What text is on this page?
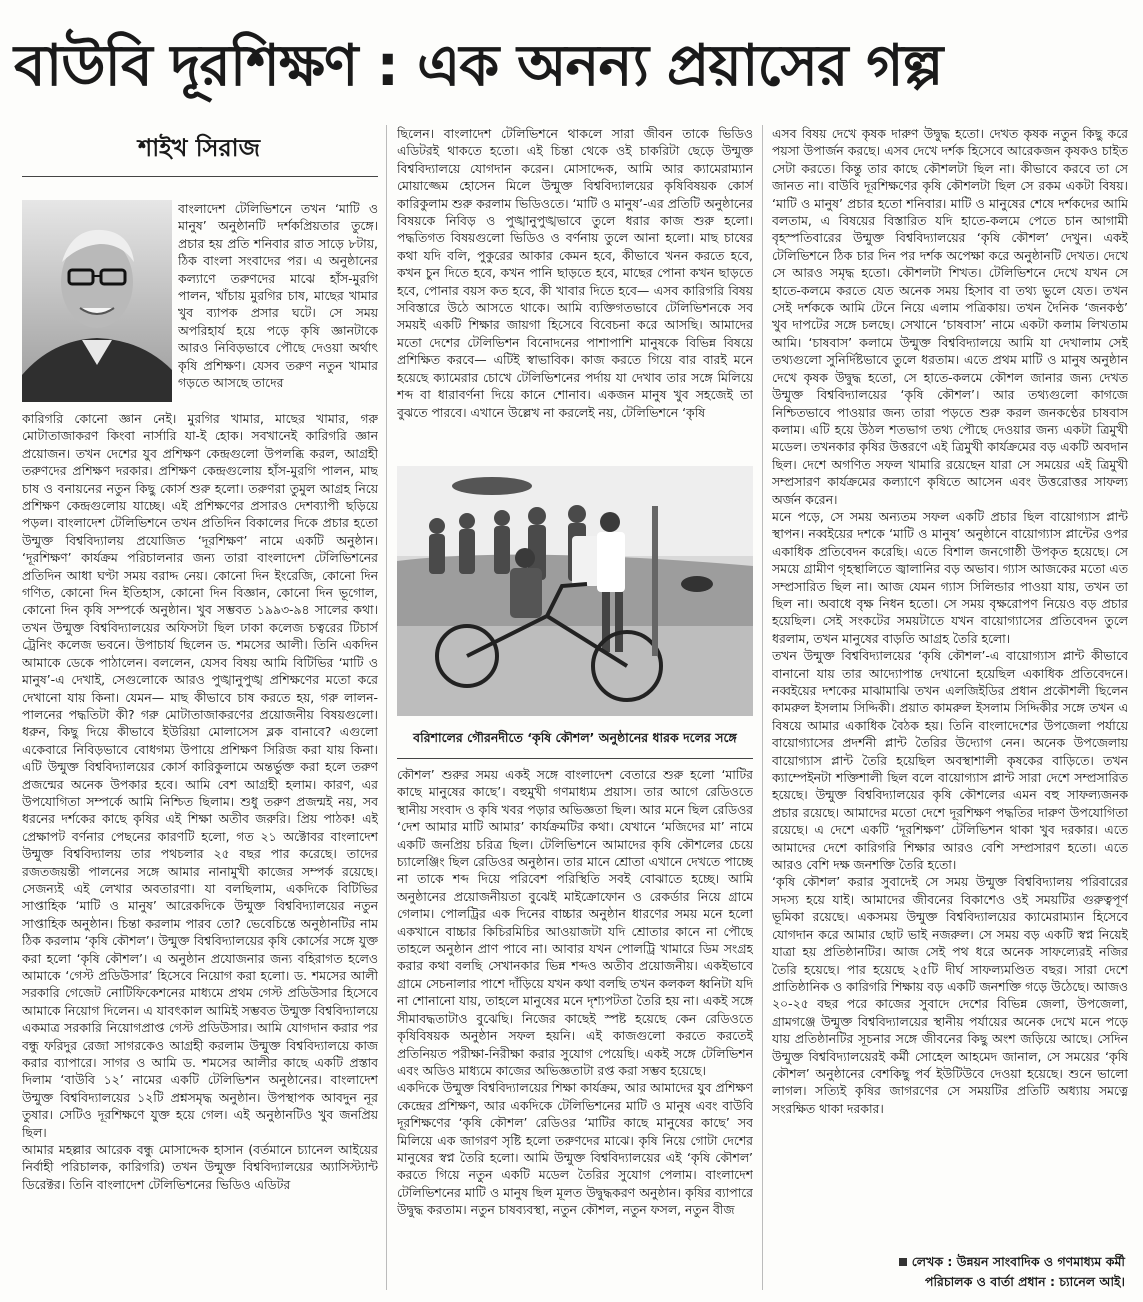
বাউবি দূরশিক্ষণ : এক অনন্য প্রয়াসের গল্প
শাইখ সিরাজ

বাংলাদেশ টেলিভিশনে তখন ‘মাটি ও মানুষ’ অনুষ্ঠানটি দর্শকপ্রিয়তার তুঙ্গে। প্রচার হয় প্রতি শনিবার রাত সাড়ে ৮টায়, ঠিক বাংলা সংবাদের পর। এ অনুষ্ঠানের কল্যাণে তরুণদের মাঝে হাঁস-মুরগি পালন, খাঁচায় মুরগির চাষ, মাছের খামার খুব ব্যাপক প্রসার ঘটে। সে সময় অপরিহার্য হয়ে পড়ে কৃষি জ্ঞানটাকে আরও নিবিড়ভাবে পৌছে দেওয়া অর্থাৎ কৃষি প্রশিক্ষণ। যেসব তরুণ নতুন খামার গড়তে আসছে তাদের

কারিগরি কোনো জ্ঞান নেই। মুরগির খামার, মাছের খামার, গরু মোটাতাজাকরণ কিংবা নার্সারি যা-ই হোক। সবখানেই কারিগরি জ্ঞান প্রয়োজন। তখন দেশের যুব প্রশিক্ষণ কেন্দ্রগুলো উপলব্ধি করল, আগ্রহী তরুণদের প্রশিক্ষণ দরকার। প্রশিক্ষণ কেন্দ্রগুলোয় হাঁস-মুরগি পালন, মাছ চাষ ও বনায়নের নতুন কিছু কোর্স শুরু হলো। তরুণরা তুমুল আগ্রহ নিয়ে প্রশিক্ষণ কেন্দ্রগুলোয় যাচ্ছে। এই প্রশিক্ষণের প্রসারও দেশব্যাপী ছড়িয়ে পড়ল। বাংলাদেশ টেলিভিশনে তখন প্রতিদিন বিকালের দিকে প্রচার হতো উন্মুক্ত বিশ্ববিদ্যালয় প্রযোজিত ‘দূরশিক্ষণ’ নামে একটি অনুষ্ঠান। ‘দূরশিক্ষণ’ কার্যক্রম পরিচালনার জন্য তারা বাংলাদেশ টেলিভিশনের প্রতিদিন আধা ঘণ্টা সময় বরাদ্দ নেয়। কোনো দিন ইংরেজি, কোনো দিন গণিত, কোনো দিন ইতিহাস, কোনো দিন বিজ্ঞান, কোনো দিন ভূগোল, কোনো দিন কৃষি সম্পর্কে অনুষ্ঠান। খুব সম্ভবত ১৯৯৩-৯৪ সালের কথা। তখন উন্মুক্ত বিশ্ববিদ্যালয়ের অফিসটা ছিল ঢাকা কলেজ চত্বরের টিচার্স ট্রেনিং কলেজ ভবনে। উপাচার্য ছিলেন ড. শমসের আলী। তিনি একদিন আমাকে ডেকে পাঠালেন। বললেন, যেসব বিষয় আমি বিটিভির ‘মাটি ও মানুষ’-এ দেখাই, সেগুলোকে আরও পুঙ্খানুপুঙ্খ প্রশিক্ষণের মতো করে দেখানো যায় কিনা। যেমন— মাছ কীভাবে চাষ করতে হয়, গরু লালন-পালনের পদ্ধতিটা কী? গরু মোটাতাজাকরণের প্রয়োজনীয় বিষয়গুলো। ধরুন, কিছু দিয়ে কীভাবে ইউরিয়া মোলাসেস ব্লক বানাবে? এগুলো একেবারে নিবিড়ভাবে বোধগম্য উপায়ে প্রশিক্ষণ সিরিজ করা যায় কিনা। এটি উন্মুক্ত বিশ্ববিদ্যালয়ের কোর্স কারিকুলামে অন্তর্ভুক্ত করা হলে তরুণ প্রজন্মের অনেক উপকার হবে। আমি বেশ আগ্রহী হলাম। কারণ, এর উপযোগিতা সম্পর্কে আমি নিশ্চিত ছিলাম। শুধু তরুণ প্রজন্মই নয়, সব ধরনের দর্শকের কাছে কৃষির এই শিক্ষা অতীব জরুরি। প্রিয় পাঠক! এই প্রেক্ষাপট বর্ণনার পেছনের কারণটি হলো, গত ২১ অক্টোবর বাংলাদেশ উন্মুক্ত বিশ্ববিদ্যালয় তার পথচলার ২৫ বছর পার করেছে। তাদের রজতজয়ন্তী পালনের সঙ্গে আমার নানামুখী কাজের সম্পর্ক রয়েছে। সেজন্যই এই লেখার অবতারণা। যা বলছিলাম, একদিকে বিটিভির সাপ্তাহিক ‘মাটি ও মানুষ’ আরেকদিকে উন্মুক্ত বিশ্ববিদ্যালয়ের নতুন সাপ্তাহিক অনুষ্ঠান। চিন্তা করলাম পারব তো? ভেবেচিন্তে অনুষ্ঠানটির নাম ঠিক করলাম ‘কৃষি কৌশল’। উন্মুক্ত বিশ্ববিদ্যালয়ের কৃষি কোর্সের সঙ্গে যুক্ত করা হলো ‘কৃষি কৌশল’। এ অনুষ্ঠান প্রযোজনার জন্য বহিরাগত হলেও আমাকে ‘গেস্ট প্রডিউসার’ হিসেবে নিয়োগ করা হলো। ড. শমসের আলী সরকারি গেজেট নোটিফিকেশনের মাধ্যমে প্রথম গেস্ট প্রডিউসার হিসেবে আমাকে নিয়োগ দিলেন। এ যাবৎকাল আমিই সম্ভবত উন্মুক্ত বিশ্ববিদ্যালয়ে একমাত্র সরকারি নিয়োগপ্রাপ্ত গেস্ট প্রডিউসার। আমি যোগদান করার পর বন্ধু ফরিদুর রেজা সাগরকেও আগ্রহী করলাম উন্মুক্ত বিশ্ববিদ্যালয়ে কাজ করার ব্যাপারে। সাগর ও আমি ড. শমসের আলীর কাছে একটি প্রস্তাব দিলাম ‘বাউবি ১২’ নামের একটি টেলিভিশন অনুষ্ঠানের। বাংলাদেশ উন্মুক্ত বিশ্ববিদ্যালয়ের ১২টি প্রশ্নসমৃদ্ধ অনুষ্ঠান। উপস্থাপক আবদুন নূর তুষার। সেটিও দূরশিক্ষণে যুক্ত হয়ে গেল। এই অনুষ্ঠানটিও খুব জনপ্রিয় ছিল।

আমার মহল্লার আরেক বন্ধু মোসাদ্দেক হাসান (বর্তমানে চ্যানেল আইয়ের নির্বাহী পরিচালক, কারিগরি) তখন উন্মুক্ত বিশ্ববিদ্যালয়ের অ্যাসিস্ট্যান্ট ডিরেক্টর। তিনি বাংলাদেশ টেলিভিশনের ভিডিও এডিটর

ছিলেন। বাংলাদেশ টেলিভিশনে থাকলে সারা জীবন তাকে ভিডিও এডিটরই থাকতে হতো। এই চিন্তা থেকে ওই চাকরিটা ছেড়ে উন্মুক্ত বিশ্ববিদ্যালয়ে যোগদান করেন। মোসাদ্দেক, আমি আর ক্যামেরাম্যান মোয়াজ্জেম হোসেন মিলে উন্মুক্ত বিশ্ববিদ্যালয়ের কৃষিবিষয়ক কোর্স কারিকুলাম শুরু করলাম ভিডিওতে। ‘মাটি ও মানুষ’-এর প্রতিটি অনুষ্ঠানের বিষয়কে নিবিড় ও পুঙ্খানুপুঙ্খভাবে তুলে ধরার কাজ শুরু হলো। পদ্ধতিগত বিষয়গুলো ভিডিও ও বর্ণনায় তুলে আনা হলো। মাছ চাষের কথা যদি বলি, পুকুরের আকার কেমন হবে, কীভাবে খনন করতে হবে, কখন চুন দিতে হবে, কখন পানি ছাড়তে হবে, মাছের পোনা কখন ছাড়তে হবে, পোনার বয়স কত হবে, কী খাবার দিতে হবে— এসব কারিগরি বিষয় সবিস্তারে উঠে আসতে থাকে। আমি ব্যক্তিগতভাবে টেলিভিশনকে সব সময়ই একটি শিক্ষার জায়গা হিসেবে বিবেচনা করে আসছি। আমাদের মতো দেশের টেলিভিশন বিনোদনের পাশাপাশি মানুষকে বিভিন্ন বিষয়ে প্রশিক্ষিত করবে— এটিই স্বাভাবিক। কাজ করতে গিয়ে বার বারই মনে হয়েছে ক্যামেরার চোখে টেলিভিশনের পর্দায় যা দেখাব তার সঙ্গে মিলিয়ে শব্দ বা ধারাবর্ণনা দিয়ে কানে শোনাব। একজন মানুষ খুব সহজেই তা বুঝতে পারবে। এখানে উল্লেখ না করলেই নয়, টেলিভিশনে ‘কৃষি

বরিশালের গৌরনদীতে ‘কৃষি কৌশল’ অনুষ্ঠানের ধারক দলের সঙ্গে

কৌশল’ শুরুর সময় একই সঙ্গে বাংলাদেশ বেতারে শুরু হলো ‘মাটির কাছে মানুষের কাছে’। বহুমুখী গণমাধ্যম প্রয়াস। তার আগে রেডিওতে স্থানীয় সংবাদ ও কৃষি খবর পড়ার অভিজ্ঞতা ছিল। আর মনে ছিল রেডিওর ‘দেশ আমার মাটি আমার’ কার্যক্রমটির কথা। যেখানে ‘মজিদের মা’ নামে একটি জনপ্রিয় চরিত্র ছিল। টেলিভিশনে আমাদের কৃষি কৌশলের চেয়ে চ্যালেঞ্জিং ছিল রেডিওর অনুষ্ঠান। তার মানে শ্রোতা এখানে দেখতে পাচ্ছে না তাকে শব্দ দিয়ে পরিবেশ পরিস্থিতি সবই বোঝাতে হচ্ছে। আমি অনুষ্ঠানের প্রয়োজনীয়তা বুঝেই মাইক্রোফোন ও রেকর্ডার নিয়ে গ্রামে গেলাম। পোলট্রির এক দিনের বাচ্চার অনুষ্ঠান ধারণের সময় মনে হলো একখানে বাচ্চার কিচিরমিচির আওয়াজটা যদি শ্রোতার কানে না পৌছে তাহলে অনুষ্ঠান প্রাণ পাবে না। আবার যখন পোলট্রি খামারে ডিম সংগ্রহ করার কথা বলছি সেখানকার ভিন্ন শব্দও অতীব প্রয়োজনীয়। একইভাবে গ্রামে সেচনালার পাশে দাঁড়িয়ে যখন কথা বলছি তখন কলকল ধ্বনিটা যদি না শোনানো যায়, তাহলে মানুষের মনে দৃশ্যপটতা তৈরি হয় না। একই সঙ্গে সীমাবদ্ধতাটাও বুঝেছি। নিজের কাছেই স্পষ্ট হয়েছে কেন রেডিওতে কৃষিবিষয়ক অনুষ্ঠান সফল হয়নি। এই কাজগুলো করতে করতেই প্রতিনিয়ত পরীক্ষা-নিরীক্ষা করার সুযোগ পেয়েছি। একই সঙ্গে টেলিভিশন এবং অডিও মাধ্যমে কাজের অভিজ্ঞতাটা রপ্ত করা সম্ভব হয়েছে।

একদিকে উন্মুক্ত বিশ্ববিদ্যালয়ের শিক্ষা কার্যক্রম, আর আমাদের যুব প্রশিক্ষণ কেন্দ্রের প্রশিক্ষণ, আর একদিকে টেলিভিশনের মাটি ও মানুষ এবং বাউবি দূরশিক্ষণের ‘কৃষি কৌশল’ রেডিওর ‘মাটির কাছে মানুষের কাছে’ সব মিলিয়ে এক জাগরণ সৃষ্টি হলো তরুণদের মাঝে। কৃষি নিয়ে গোটা দেশের মানুষের স্বপ্ন তৈরি হলো। আমি উন্মুক্ত বিশ্ববিদ্যালয়ের এই ‘কৃষি কৌশল’ করতে গিয়ে নতুন একটি মডেল তৈরির সুযোগ পেলাম। বাংলাদেশ টেলিভিশনের মাটি ও মানুষ ছিল মূলত উদ্বুদ্ধকরণ অনুষ্ঠান। কৃষির ব্যাপারে উদ্বুদ্ধ করতাম। নতুন চাষব্যবস্থা, নতুন কৌশল, নতুন ফসল, নতুন বীজ

এসব বিষয় দেখে কৃষক দারুণ উদ্বুদ্ধ হতো। দেখত কৃষক নতুন কিছু করে পয়সা উপার্জন করছে। এসব দেখে দর্শক হিসেবে আরেকজন কৃষকও চাইত সেটা করতে। কিন্তু তার কাছে কৌশলটা ছিল না। কীভাবে করবে তা সে জানত না। বাউবি দূরশিক্ষণের কৃষি কৌশলটা ছিল সে রকম একটা বিষয়। ‘মাটি ও মানুষ’ প্রচার হতো শনিবার। মাটি ও মানুষের শেষে দর্শকদের আমি বলতাম, এ বিষয়ের বিস্তারিত যদি হাতে-কলমে পেতে চান আগামী বৃহস্পতিবারের উন্মুক্ত বিশ্ববিদ্যালয়ের ‘কৃষি কৌশল’ দেখুন। একই টেলিভিশনে ঠিক চার দিন পর দর্শক অপেক্ষা করে অনুষ্ঠানটি দেখত। দেখে সে আরও সমৃদ্ধ হতো। কৌশলটা শিখত। টেলিভিশনে দেখে যখন সে হাতে-কলমে করতে যেত অনেক সময় হিসাব বা তথ্য ভুলে যেত। তখন সেই দর্শককে আমি টেনে নিয়ে এলাম পত্রিকায়। তখন দৈনিক ‘জনকণ্ঠ’ খুব দাপটের সঙ্গে চলছে। সেখানে ‘চাষবাস’ নামে একটা কলাম লিখতাম আমি। ‘চাষবাস’ কলামে উন্মুক্ত বিশ্ববিদ্যালয়ে আমি যা দেখালাম সেই তথ্যগুলো সুনির্দিষ্টভাবে তুলে ধরতাম। এতে প্রথম মাটি ও মানুষ অনুষ্ঠান দেখে কৃষক উদ্বুদ্ধ হতো, সে হাতে-কলমে কৌশল জানার জন্য দেখত উন্মুক্ত বিশ্ববিদ্যালয়ের ‘কৃষি কৌশল’। আর তথ্যগুলো কাগজে নিশ্চিতভাবে পাওয়ার জন্য তারা পড়তে শুরু করল জনকণ্ঠের চাষবাস কলাম। এটি হয়ে উঠল শতভাগ তথ্য পৌছে দেওয়ার জন্য একটা ত্রিমুখী মডেল। তখনকার কৃষির উত্তরণে এই ত্রিমুখী কার্যক্রমের বড় একটি অবদান ছিল। দেশে অগণিত সফল খামারি রয়েছেন যারা সে সময়ের এই ত্রিমুখী সম্প্রসারণ কার্যক্রমের কল্যাণে কৃষিতে আসেন এবং উত্তরোত্তর সাফল্য অর্জন করেন।

মনে পড়ে, সে সময় অন্যতম সফল একটি প্রচার ছিল বায়োগ্যাস প্লান্ট স্থাপন। নব্বইয়ের দশকে ‘মাটি ও মানুষ’ অনুষ্ঠানে বায়োগ্যাস প্লান্টের ওপর একাধিক প্রতিবেদন করেছি। এতে বিশাল জনগোষ্ঠী উপকৃত হয়েছে। সে সময়ে গ্রামীণ গৃহস্থালিতে জ্বালানির বড় অভাব। গ্যাস আজকের মতো এত সম্প্রসারিত ছিল না। আজ যেমন গ্যাস সিলিন্ডার পাওয়া যায়, তখন তা ছিল না। অবাধে বৃক্ষ নিধন হতো। সে সময় বৃক্ষরোপণ নিয়েও বড় প্রচার হয়েছিল। সেই সংকটের সময়টাতে যখন বায়োগ্যাসের প্রতিবেদন তুলে ধরলাম, তখন মানুষের বাড়তি আগ্রহ তৈরি হলো।

তখন উন্মুক্ত বিশ্ববিদ্যালয়ের ‘কৃষি কৌশল’-এ বায়োগ্যাস প্লান্ট কীভাবে বানানো যায় তার আদ্যোপান্ত দেখানো হয়েছিল একাধিক প্রতিবেদনে। নব্বইয়ের দশকের মাঝামাঝি তখন এলজিইডির প্রধান প্রকৌশলী ছিলেন কামরুল ইসলাম সিদ্দিকী। প্রয়াত কামরুল ইসলাম সিদ্দিকীর সঙ্গে তখন এ বিষয়ে আমার একাধিক বৈঠক হয়। তিনি বাংলাদেশের উপজেলা পর্যায়ে বায়োগ্যাসের প্রদর্শনী প্লান্ট তৈরির উদ্যোগ নেন। অনেক উপজেলায় বায়োগ্যাস প্লান্ট তৈরি হয়েছিল অবস্থাশালী কৃষকের বাড়িতে। তখন ক্যাম্পেইনটা শক্তিশালী ছিল বলে বায়োগ্যাস প্লান্ট সারা দেশে সম্প্রসারিত হয়েছে। উন্মুক্ত বিশ্ববিদ্যালয়ের কৃষি কৌশলের এমন বহু সাফল্যজনক প্রচার রয়েছে। আমাদের মতো দেশে দূরশিক্ষণ পদ্ধতির দারুণ উপযোগিতা রয়েছে। এ দেশে একটি ‘দূরশিক্ষণ’ টেলিভিশন থাকা খুব দরকার। এতে আমাদের দেশে কারিগরি শিক্ষার আরও বেশি সম্প্রসারণ হতো। এতে আরও বেশি দক্ষ জনশক্তি তৈরি হতো।

‘কৃষি কৌশল’ করার সুবাদেই সে সময় উন্মুক্ত বিশ্ববিদ্যালয় পরিবারের সদস্য হয়ে যাই। আমাদের জীবনের বিকাশেও ওই সময়টির গুরুত্বপূর্ণ ভূমিকা রয়েছে। একসময় উন্মুক্ত বিশ্ববিদ্যালয়ের ক্যামেরাম্যান হিসেবে যোগদান করে আমার ছোট ভাই নজরুল। সে সময় বড় একটি স্বপ্ন নিয়েই যাত্রা হয় প্রতিষ্ঠানটির। আজ সেই পথ ধরে অনেক সাফল্যেরই নজির তৈরি হয়েছে। পার হয়েছে ২৫টি দীর্ঘ সাফল্যমণ্ডিত বছর। সারা দেশে প্রাতিষ্ঠানিক ও কারিগরি শিক্ষায় বড় একটি জনশক্তি গড়ে উঠেছে। আজও ২০-২৫ বছর পরে কাজের সুবাদে দেশের বিভিন্ন জেলা, উপজেলা, গ্রামগঞ্জে উন্মুক্ত বিশ্ববিদ্যালয়ের স্থানীয় পর্যায়ের অনেক দেখে মনে পড়ে যায় প্রতিষ্ঠানটির সূচনার সঙ্গে জীবনের কিছু অংশ জড়িয়ে আছে। সেদিন উন্মুক্ত বিশ্ববিদ্যালয়েরই কর্মী সোহেল আহমেদ জানাল, সে সময়ের ‘কৃষি কৌশল’ অনুষ্ঠানের বেশকিছু পর্ব ইউটিউবে দেওয়া হয়েছে। শুনে ভালো লাগল। সত্যিই কৃষির জাগরণের সে সময়টির প্রতিটি অধ্যায় সমত্নে সংরক্ষিত থাকা দরকার।

লেখক : উন্নয়ন সাংবাদিক ও গণমাধ্যম কর্মী
পরিচালক ও বার্তা প্রধান : চ্যানেল আই।
